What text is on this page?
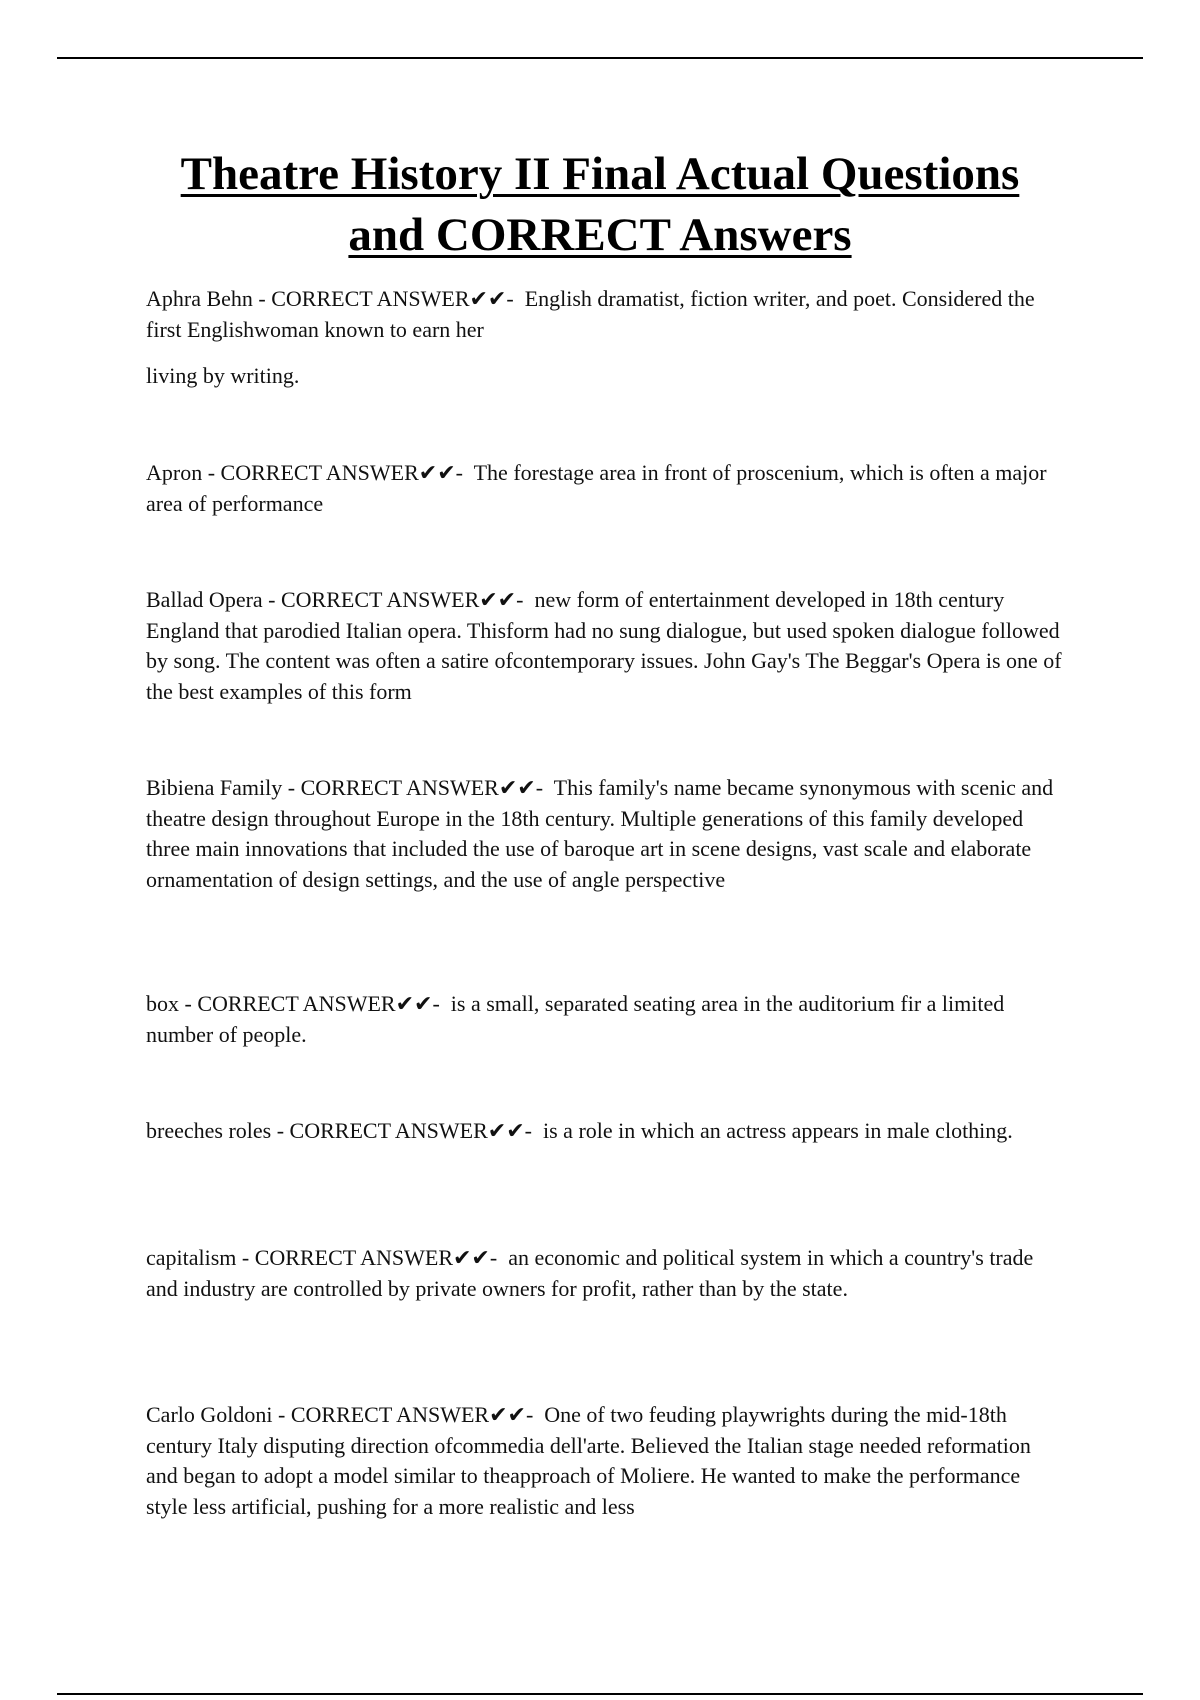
Theatre History II Final Actual Questions
and CORRECT Answers

Aphra Behn - CORRECT ANSWER✔✔-  English dramatist, fiction writer, and poet. Considered the first Englishwoman known to earn her
living by writing.

Apron - CORRECT ANSWER✔✔-  The forestage area in front of proscenium, which is often a major area of performance

Ballad Opera - CORRECT ANSWER✔✔-  new form of entertainment developed in 18th century England that parodied Italian opera. Thisform had no sung dialogue, but used spoken dialogue followed by song. The content was often a satire ofcontemporary issues. John Gay's The Beggar's Opera is one of the best examples of this form

Bibiena Family - CORRECT ANSWER✔✔-  This family's name became synonymous with scenic and theatre design throughout Europe in the 18th century. Multiple generations of this family developed three main innovations that included the use of baroque art in scene designs, vast scale and elaborate ornamentation of design settings, and the use of angle perspective

box - CORRECT ANSWER✔✔-  is a small, separated seating area in the auditorium fir a limited number of people.

breeches roles - CORRECT ANSWER✔✔-  is a role in which an actress appears in male clothing.

capitalism - CORRECT ANSWER✔✔-  an economic and political system in which a country's trade and industry are controlled by private owners for profit, rather than by the state.

Carlo Goldoni - CORRECT ANSWER✔✔-  One of two feuding playwrights during the mid-18th century Italy disputing direction ofcommedia dell'arte. Believed the Italian stage needed reformation and began to adopt a model similar to theapproach of Moliere. He wanted to make the performance style less artificial, pushing for a more realistic and less
